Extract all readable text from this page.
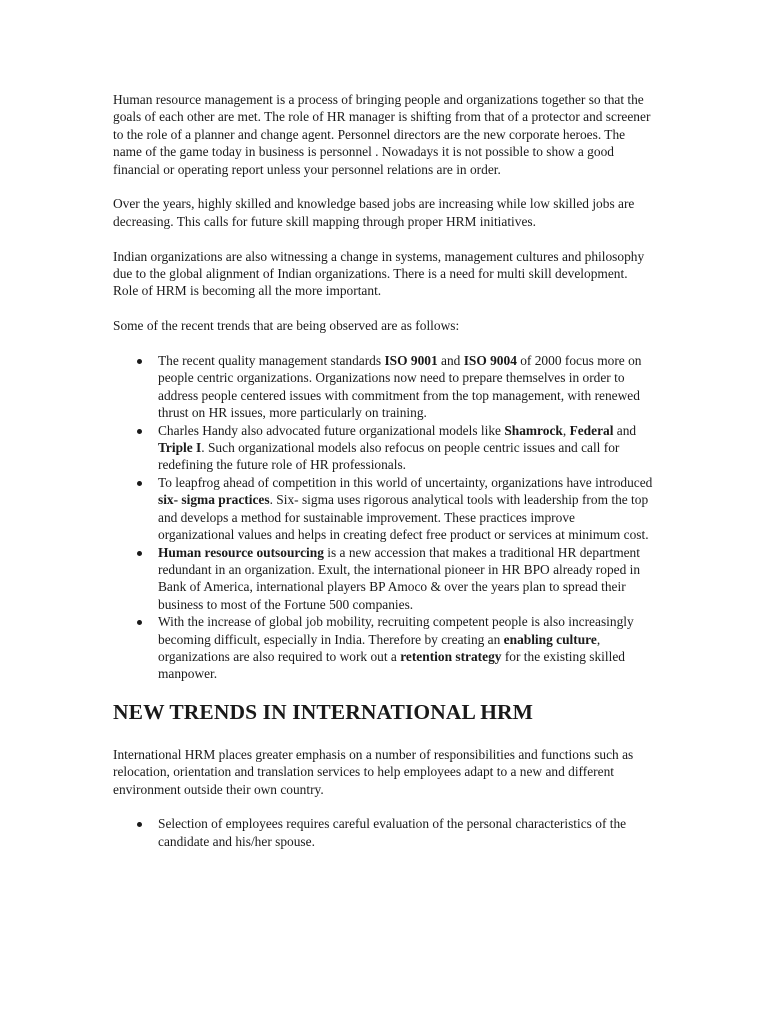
Human resource management is a process of bringing people and organizations together so that the goals of each other are met. The role of HR manager is shifting from that of a protector and screener to the role of a planner and change agent. Personnel directors are the new corporate heroes. The name of the game today in business is personnel . Nowadays it is not possible to show a good financial or operating report unless your personnel relations are in order.

Over the years, highly skilled and knowledge based jobs are increasing while low skilled jobs are decreasing. This calls for future skill mapping through proper HRM initiatives.

Indian organizations are also witnessing a change in systems, management cultures and philosophy due to the global alignment of Indian organizations. There is a need for multi skill development. Role of HRM is becoming all the more important.

Some of the recent trends that are being observed are as follows:

The recent quality management standards ISO 9001 and ISO 9004 of 2000 focus more on people centric organizations. Organizations now need to prepare themselves in order to address people centered issues with commitment from the top management, with renewed thrust on HR issues, more particularly on training.
Charles Handy also advocated future organizational models like Shamrock, Federal and Triple I. Such organizational models also refocus on people centric issues and call for redefining the future role of HR professionals.
To leapfrog ahead of competition in this world of uncertainty, organizations have introduced six- sigma practices. Six- sigma uses rigorous analytical tools with leadership from the top and develops a method for sustainable improvement. These practices improve organizational values and helps in creating defect free product or services at minimum cost.
Human resource outsourcing is a new accession that makes a traditional HR department redundant in an organization. Exult, the international pioneer in HR BPO already roped in Bank of America, international players BP Amoco & over the years plan to spread their business to most of the Fortune 500 companies.
With the increase of global job mobility, recruiting competent people is also increasingly becoming difficult, especially in India. Therefore by creating an enabling culture, organizations are also required to work out a retention strategy for the existing skilled manpower.
NEW TRENDS IN INTERNATIONAL HRM

International HRM places greater emphasis on a number of responsibilities and functions such as relocation, orientation and translation services to help employees adapt to a new and different environment outside their own country.

Selection of employees requires careful evaluation of the personal characteristics of the candidate and his/her spouse.
